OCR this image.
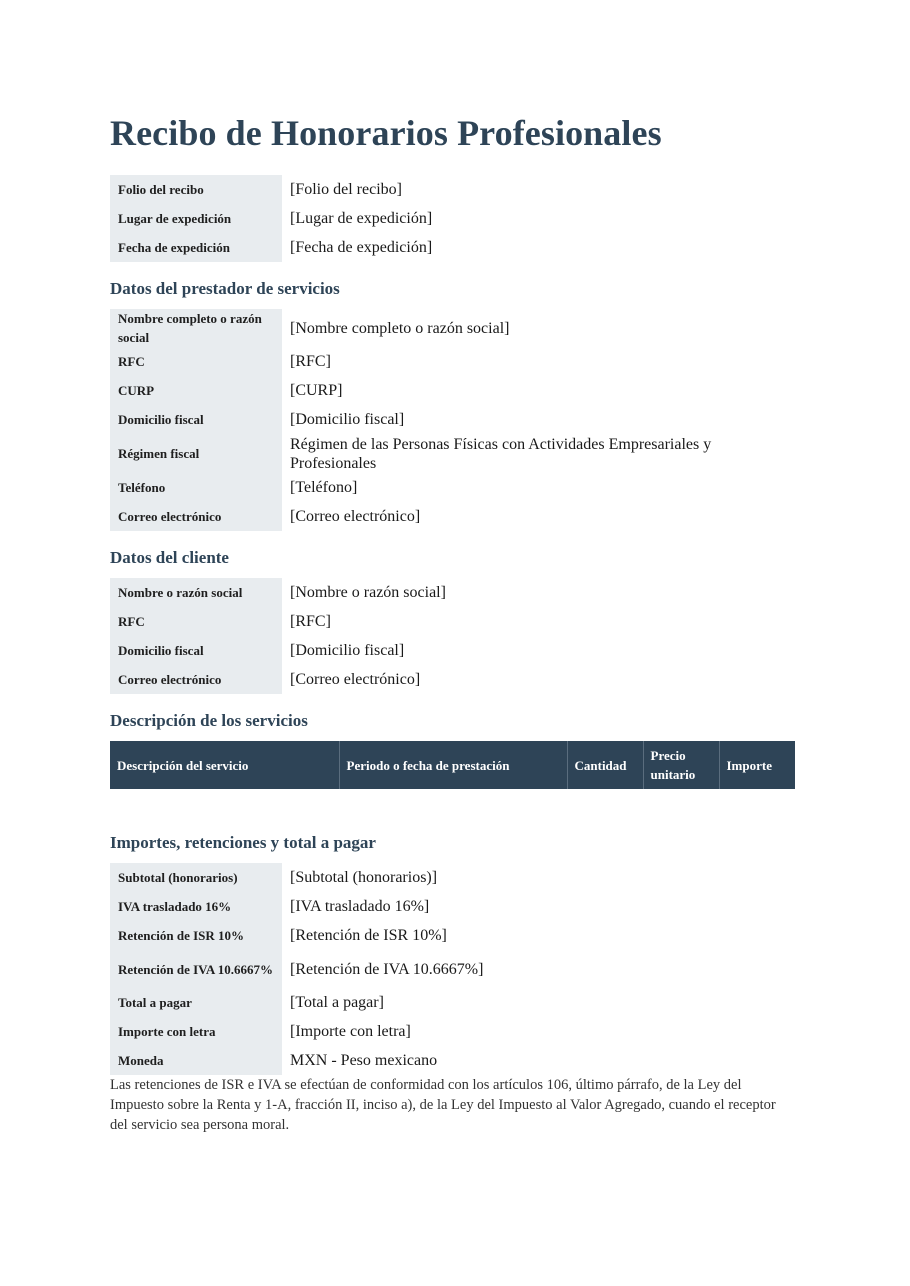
Recibo de Honorarios Profesionales
Folio del recibo	[Folio del recibo]
Lugar de expedición	[Lugar de expedición]
Fecha de expedición	[Fecha de expedición]
Datos del prestador de servicios
Nombre completo o razón social	[Nombre completo o razón social]
RFC	[RFC]
CURP	[CURP]
Domicilio fiscal	[Domicilio fiscal]
Régimen fiscal	Régimen de las Personas Físicas con Actividades Empresariales y Profesionales
Teléfono	[Teléfono]
Correo electrónico	[Correo electrónico]
Datos del cliente
Nombre o razón social	[Nombre o razón social]
RFC	[RFC]
Domicilio fiscal	[Domicilio fiscal]
Correo electrónico	[Correo electrónico]
Descripción de los servicios
Descripción del servicio	Periodo o fecha de prestación	Cantidad	Precio unitario	Importe
Importes, retenciones y total a pagar
Subtotal (honorarios)	[Subtotal (honorarios)]
IVA trasladado 16%	[IVA trasladado 16%]
Retención de ISR 10%	[Retención de ISR 10%]
Retención de IVA 10.6667%	[Retención de IVA 10.6667%]
Total a pagar	[Total a pagar]
Importe con letra	[Importe con letra]
Moneda	MXN - Peso mexicano

Las retenciones de ISR e IVA se efectúan de conformidad con los artículos 106, último párrafo, de la Ley del Impuesto sobre la Renta y 1-A, fracción II, inciso a), de la Ley del Impuesto al Valor Agregado, cuando el receptor del servicio sea persona moral.
